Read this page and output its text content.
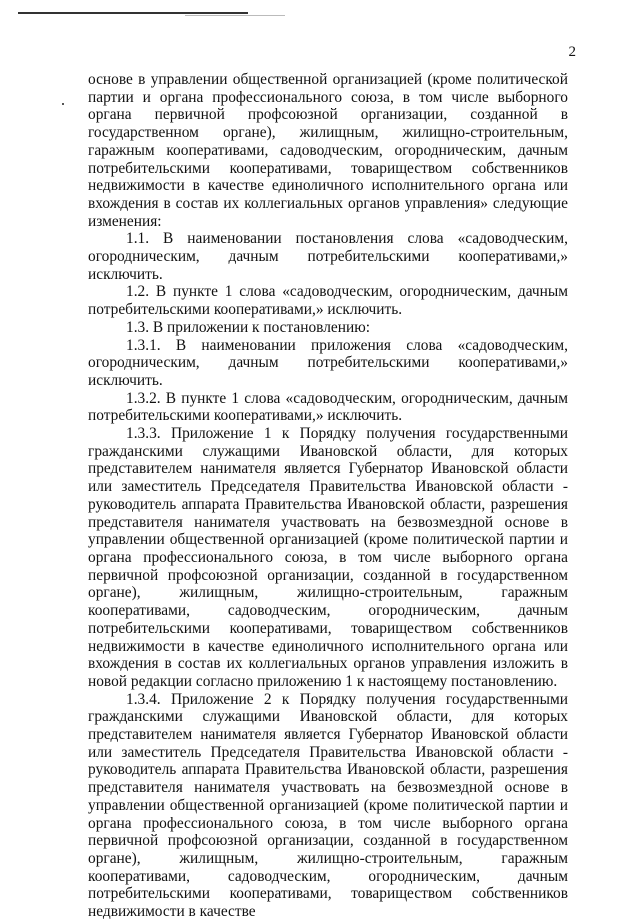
2

основе в управлении общественной организацией (кроме политической партии и органа профессионального союза, в том числе выборного органа первичной профсоюзной организации, созданной в государственном органе), жилищным, жилищно-строительным, гаражным кооперативами, садоводческим, огородническим, дачным потребительскими кооперативами, товариществом собственников недвижимости в качестве единоличного исполнительного органа или вхождения в состав их коллегиальных органов управления» следующие изменения:

1.1. В наименовании постановления слова «садоводческим, огородническим, дачным потребительскими кооперативами,» исключить.

1.2. В пункте 1 слова «садоводческим, огородническим, дачным потребительскими кооперативами,» исключить.

1.3. В приложении к постановлению:

1.3.1. В наименовании приложения слова «садоводческим, огородническим, дачным потребительскими кооперативами,» исключить.

1.3.2. В пункте 1 слова «садоводческим, огородническим, дачным потребительскими кооперативами,» исключить.

1.3.3. Приложение 1 к Порядку получения государственными гражданскими служащими Ивановской области, для которых представителем нанимателя является Губернатор Ивановской области или заместитель Председателя Правительства Ивановской области - руководитель аппарата Правительства Ивановской области, разрешения представителя нанимателя участвовать на безвозмездной основе в управлении общественной организацией (кроме политической партии и органа профессионального союза, в том числе выборного органа первичной профсоюзной организации, созданной в государственном органе), жилищным, жилищно-строительным, гаражным кооперативами, садоводческим, огородническим, дачным потребительскими кооперативами, товариществом собственников недвижимости в качестве единоличного исполнительного органа или вхождения в состав их коллегиальных органов управления изложить в новой редакции согласно приложению 1 к настоящему постановлению.

1.3.4. Приложение 2 к Порядку получения государственными гражданскими служащими Ивановской области, для которых представителем нанимателя является Губернатор Ивановской области или заместитель Председателя Правительства Ивановской области - руководитель аппарата Правительства Ивановской области, разрешения представителя нанимателя участвовать на безвозмездной основе в управлении общественной организацией (кроме политической партии и органа профессионального союза, в том числе выборного органа первичной профсоюзной организации, созданной в государственном органе), жилищным, жилищно-строительным, гаражным кооперативами, садоводческим, огородническим, дачным потребительскими кооперативами, товариществом собственников недвижимости в качестве
